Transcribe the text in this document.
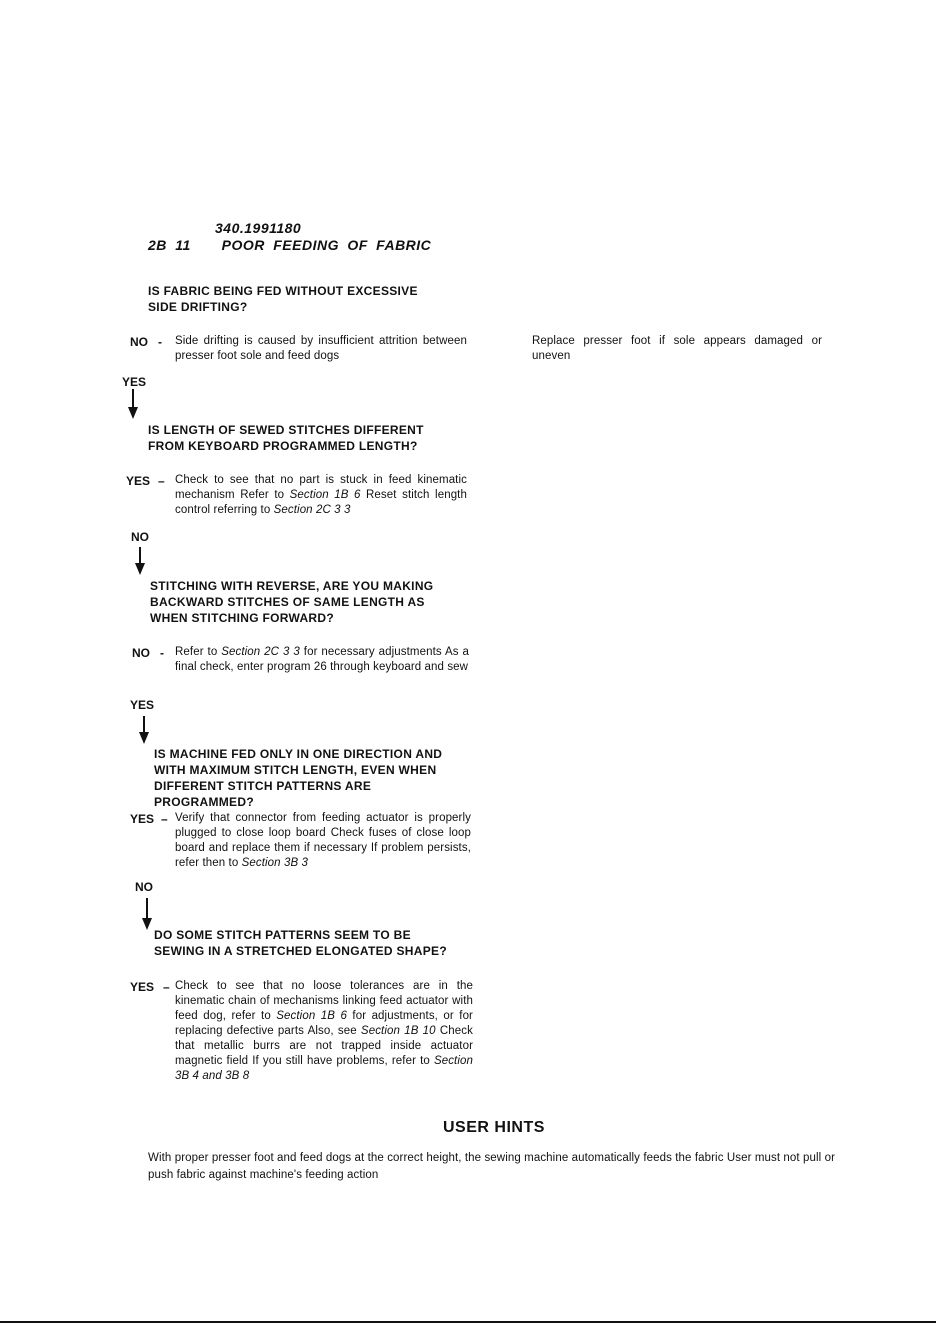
340.1991180
2B 11 POOR FEEDING OF FABRIC
IS FABRIC BEING FED WITHOUT EXCESSIVE SIDE DRIFTING?
NO - Side drifting is caused by insufficient attrition between presser foot sole and feed dogs
Replace presser foot if sole appears damaged or uneven
YES
IS LENGTH OF SEWED STITCHES DIFFERENT FROM KEYBOARD PROGRAMMED LENGTH?
YES – Check to see that no part is stuck in feed kinematic mechanism Refer to Section 1B 6 Reset stitch length control referring to Section 2C 3 3
NO
STITCHING WITH REVERSE, ARE YOU MAKING BACKWARD STITCHES OF SAME LENGTH AS WHEN STITCHING FORWARD?
NO - Refer to Section 2C 3 3 for necessary adjustments As a final check, enter program 26 through keyboard and sew
YES
IS MACHINE FED ONLY IN ONE DIRECTION AND WITH MAXIMUM STITCH LENGTH, EVEN WHEN DIFFERENT STITCH PATTERNS ARE PROGRAMMED?
YES – Verify that connector from feeding actuator is properly plugged to close loop board Check fuses of close loop board and replace them if necessary If problem persists, refer then to Section 3B 3
NO
DO SOME STITCH PATTERNS SEEM TO BE SEWING IN A STRETCHED ELONGATED SHAPE?
YES – Check to see that no loose tolerances are in the kinematic chain of mechanisms linking feed actuator with feed dog, refer to Section 1B 6 for adjustments, or for replacing defective parts Also, see Section 1B 10 Check that metallic burrs are not trapped inside actuator magnetic field If you still have problems, refer to Section 3B 4 and 3B 8
USER HINTS
With proper presser foot and feed dogs at the correct height, the sewing machine automatically feeds the fabric User must not pull or push fabric against machine's feeding action
